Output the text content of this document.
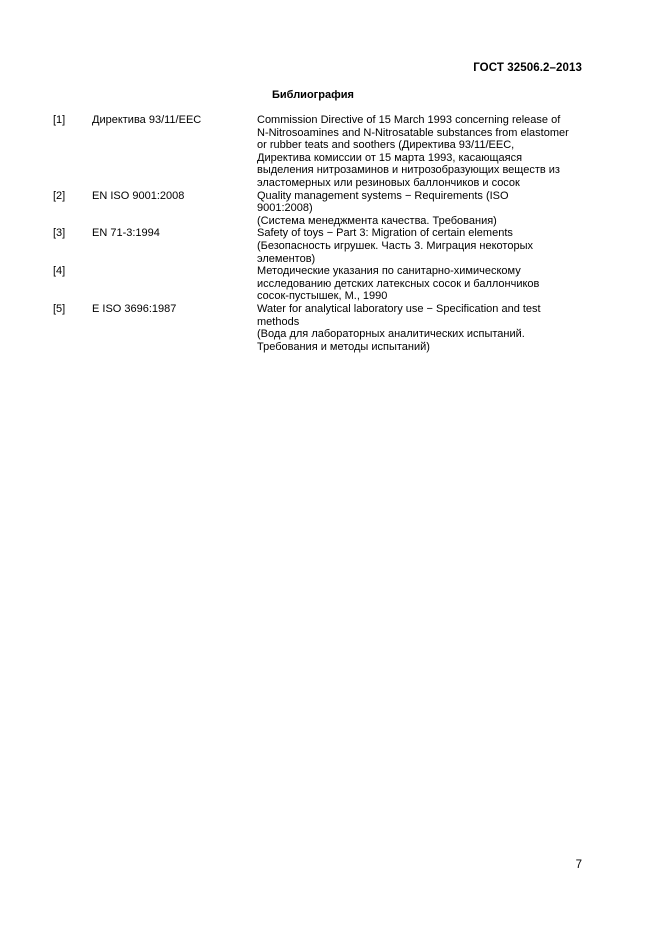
ГОСТ 32506.2–2013
Библиография
[1] Директива 93/11/EEC	Commission Directive of 15 March 1993 concerning release of
N-Nitrosoamines and N-Nitrosatable substances from elastomer
or rubber teats and soothers (Директива 93/11/EEC,
Директива комиссии от 15 марта 1993, касающаяся
выделения нитрозаминов и нитрозобразующих веществ из
эластомерных или резиновых баллончиков и сосок
[2] EN ISO 9001:2008	Quality management systems − Requirements (ISO
9001:2008)
(Система менеджмента качества. Требования)
[3] EN 71-3:1994	Safety of toys − Part 3: Migration of certain elements
(Безопасность игрушек. Часть 3. Миграция некоторых
элементов)
[4]	Методические указания по санитарно-химическому
исследованию детских латексных сосок и баллончиков
сосок-пустышек, М., 1990
[5] E ISO 3696:1987	Water for analytical laboratory use − Specification and test
methods
(Вода для лабораторных аналитических испытаний.
Требования и методы испытаний)
7
